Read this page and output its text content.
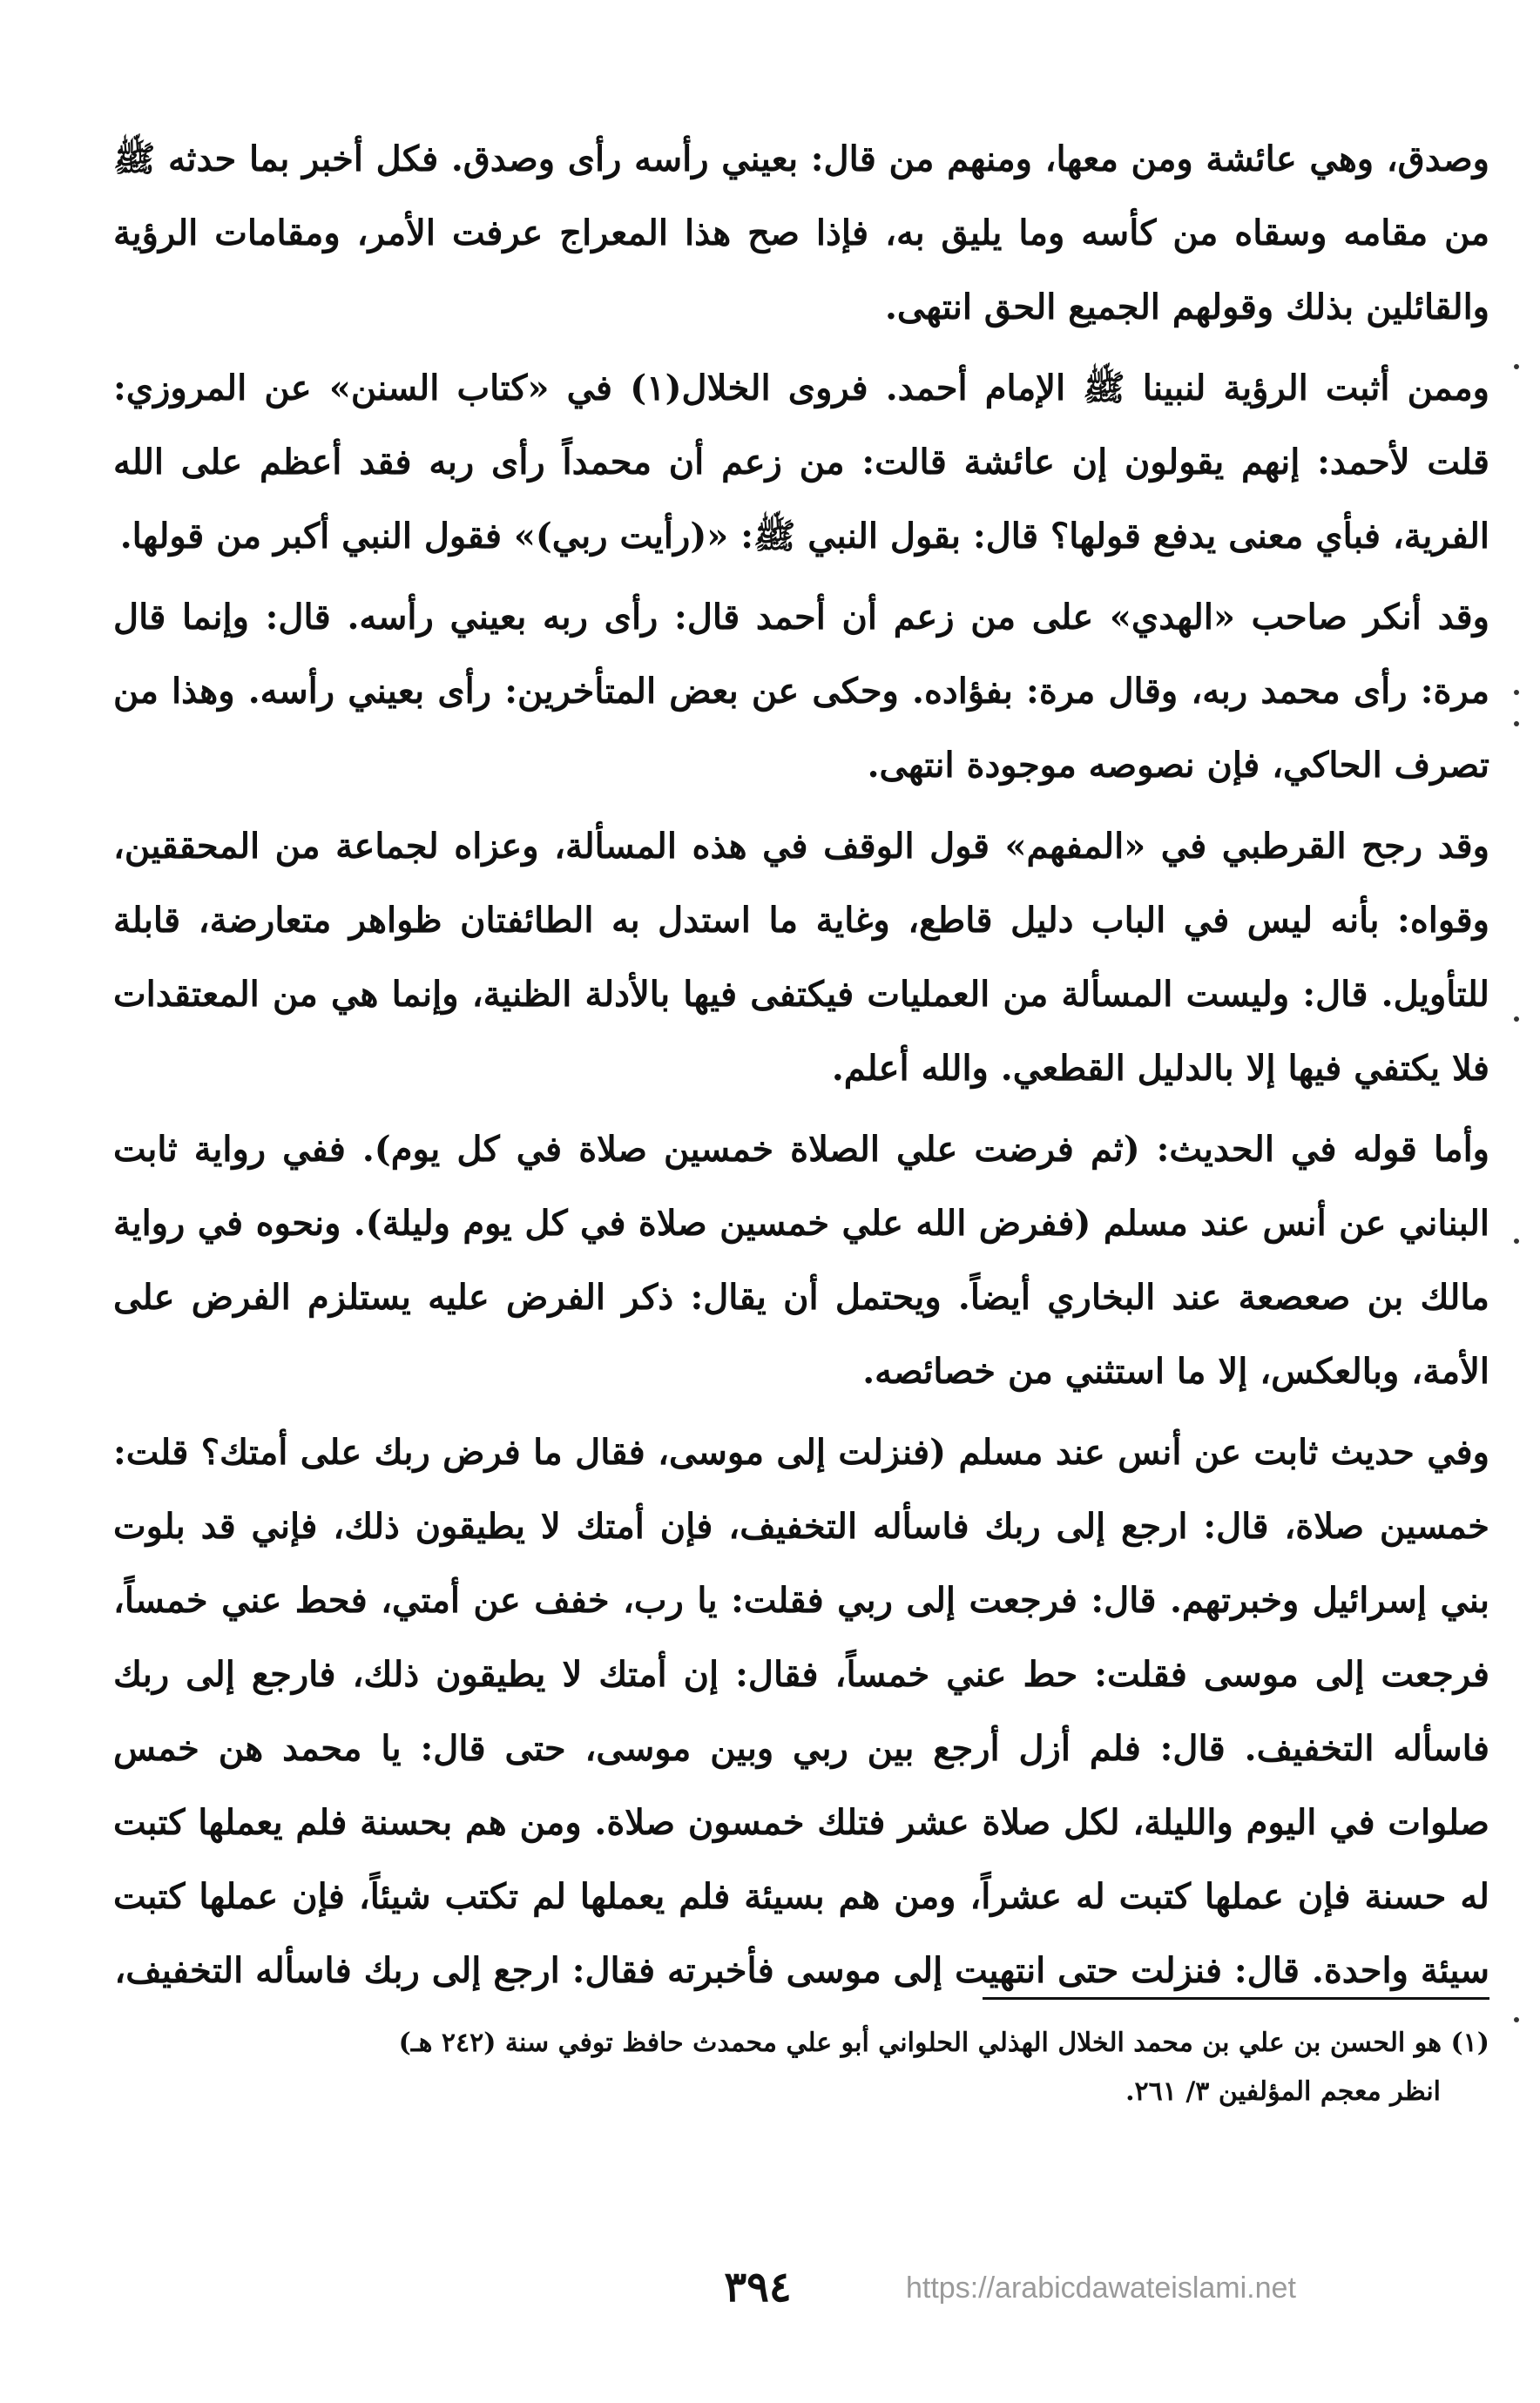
وصدق، وهي عائشة ومن معها، ومنهم من قال: بعيني رأسه رأى وصدق. فكل أخبر بما حدثه ﷺ من مقامه وسقاه من كأسه وما يليق به، فإذا صح هذا المعراج عرفت الأمر، ومقامات الرؤية والقائلين بذلك وقولهم الجميع الحق انتهى.

وممن أثبت الرؤية لنبينا ﷺ الإمام أحمد. فروى الخلال(١) في «كتاب السنن» عن المروزي: قلت لأحمد: إنهم يقولون إن عائشة قالت: من زعم أن محمداً رأى ربه فقد أعظم على الله الفرية، فبأي معنى يدفع قولها؟ قال: بقول النبي ﷺ: «(رأيت ربي)» فقول النبي أكبر من قولها.

وقد أنكر صاحب «الهدي» على من زعم أن أحمد قال: رأى ربه بعيني رأسه. قال: وإنما قال مرة: رأى محمد ربه، وقال مرة: بفؤاده. وحكى عن بعض المتأخرين: رأى بعيني رأسه. وهذا من تصرف الحاكي، فإن نصوصه موجودة انتهى.

وقد رجح القرطبي في «المفهم» قول الوقف في هذه المسألة، وعزاه لجماعة من المحققين، وقواه: بأنه ليس في الباب دليل قاطع، وغاية ما استدل به الطائفتان ظواهر متعارضة، قابلة للتأويل. قال: وليست المسألة من العمليات فيكتفى فيها بالأدلة الظنية، وإنما هي من المعتقدات فلا يكتفي فيها إلا بالدليل القطعي. والله أعلم.

وأما قوله في الحديث: (ثم فرضت علي الصلاة خمسين صلاة في كل يوم). ففي رواية ثابت البناني عن أنس عند مسلم (ففرض الله علي خمسين صلاة في كل يوم وليلة). ونحوه في رواية مالك بن صعصعة عند البخاري أيضاً. ويحتمل أن يقال: ذكر الفرض عليه يستلزم الفرض على الأمة، وبالعكس، إلا ما استثني من خصائصه.

وفي حديث ثابت عن أنس عند مسلم (فنزلت إلى موسى، فقال ما فرض ربك على أمتك؟ قلت: خمسين صلاة، قال: ارجع إلى ربك فاسأله التخفيف، فإن أمتك لا يطيقون ذلك، فإني قد بلوت بني إسرائيل وخبرتهم. قال: فرجعت إلى ربي فقلت: يا رب، خفف عن أمتي، فحط عني خمساً، فرجعت إلى موسى فقلت: حط عني خمساً، فقال: إن أمتك لا يطيقون ذلك، فارجع إلى ربك فاسأله التخفيف. قال: فلم أزل أرجع بين ربي وبين موسى، حتى قال: يا محمد هن خمس صلوات في اليوم والليلة، لكل صلاة عشر فتلك خمسون صلاة. ومن هم بحسنة فلم يعملها كتبت له حسنة فإن عملها كتبت له عشراً، ومن هم بسيئة فلم يعملها لم تكتب شيئاً، فإن عملها كتبت سيئة واحدة. قال: فنزلت حتى انتهيت إلى موسى فأخبرته فقال: ارجع إلى ربك فاسأله التخفيف،

(١) هو الحسن بن علي بن محمد الخلال الهذلي الحلواني أبو علي محمدث حافظ توفي سنة (٢٤٢ هـ)
انظر معجم المؤلفين ٣/ ٢٦١.
٣٩٤	https://arabicdawateislami.net
